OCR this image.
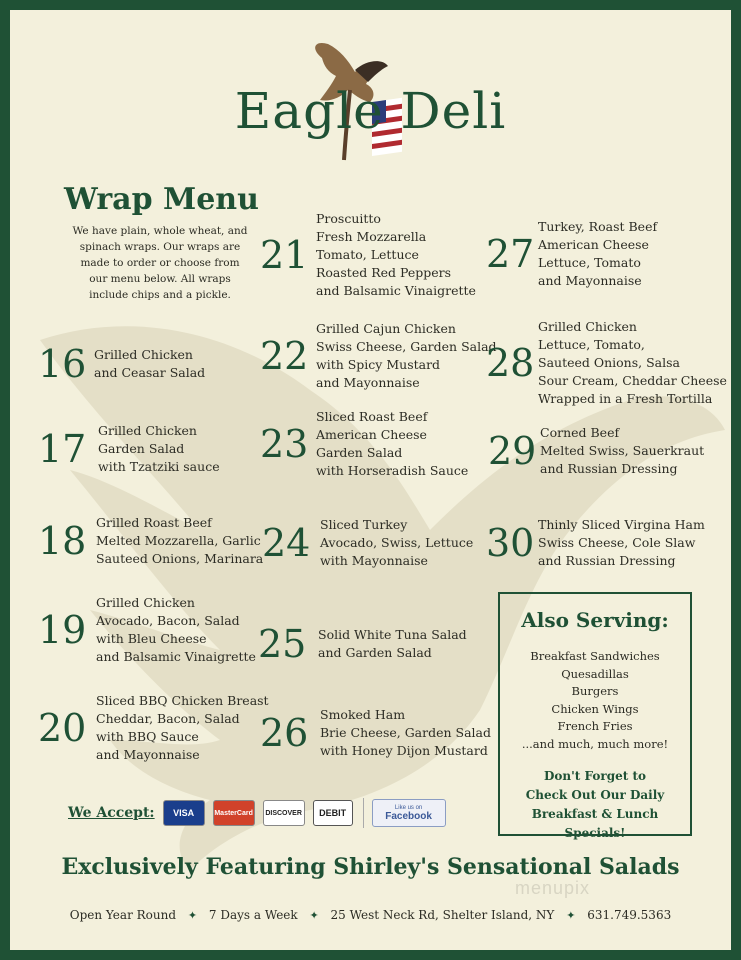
Eagle Deli
Wrap Menu
We have plain, whole wheat, and
spinach wraps. Our wraps are
made to order or choose from
our menu below. All wraps
include chips and a pickle.
16 Grilled Chicken
and Ceasar Salad
17 Grilled Chicken
Garden Salad
with Tzatziki sauce
18 Grilled Roast Beef
Melted Mozzarella, Garlic
Sauteed Onions, Marinara
19
Grilled Chicken
Avocado, Bacon, Salad
with Bleu Cheese
and Balsamic Vinaigrette
20
Sliced BBQ Chicken Breast
Cheddar, Bacon, Salad
with BBQ Sauce
and Mayonnaise
21
Proscuitto
Fresh Mozzarella
Tomato, Lettuce
Roasted Red Peppers
and Balsamic Vinaigrette
22
Grilled Cajun Chicken
Swiss Cheese, Garden Salad
with Spicy Mustard
and Mayonnaise
23
Sliced Roast Beef
American Cheese
Garden Salad
with Horseradish Sauce
24 Sliced Turkey
Avocado, Swiss, Lettuce
with Mayonnaise
25 Solid White Tuna Salad
and Garden Salad
26 Smoked Ham
Brie Cheese, Garden Salad
with Honey Dijon Mustard
27
Turkey, Roast Beef
American Cheese
Lettuce, Tomato
and Mayonnaise
28
Grilled Chicken
Lettuce, Tomato,
Sauteed Onions, Salsa
Sour Cream, Cheddar Cheese
Wrapped in a Fresh Tortilla
29 Corned Beef
Melted Swiss, Sauerkraut
and Russian Dressing
30 Thinly Sliced Virgina Ham
Swiss Cheese, Cole Slaw
and Russian Dressing
Also Serving:
Breakfast Sandwiches
Quesadillas
Burgers
Chicken Wings
French Fries
...and much, much more!
Don't Forget to
Check Out Our Daily
Breakfast & Lunch Specials!
We Accept:	VISA	MasterCard	DISCOVER	DEBIT
Like us on
Facebook
Exclusively Featuring Shirley's Sensational Salads
menupix
Open Year Round ✦ 7 Days a Week ✦ 25 West Neck Rd, Shelter Island, NY ✦ 631.749.5363
